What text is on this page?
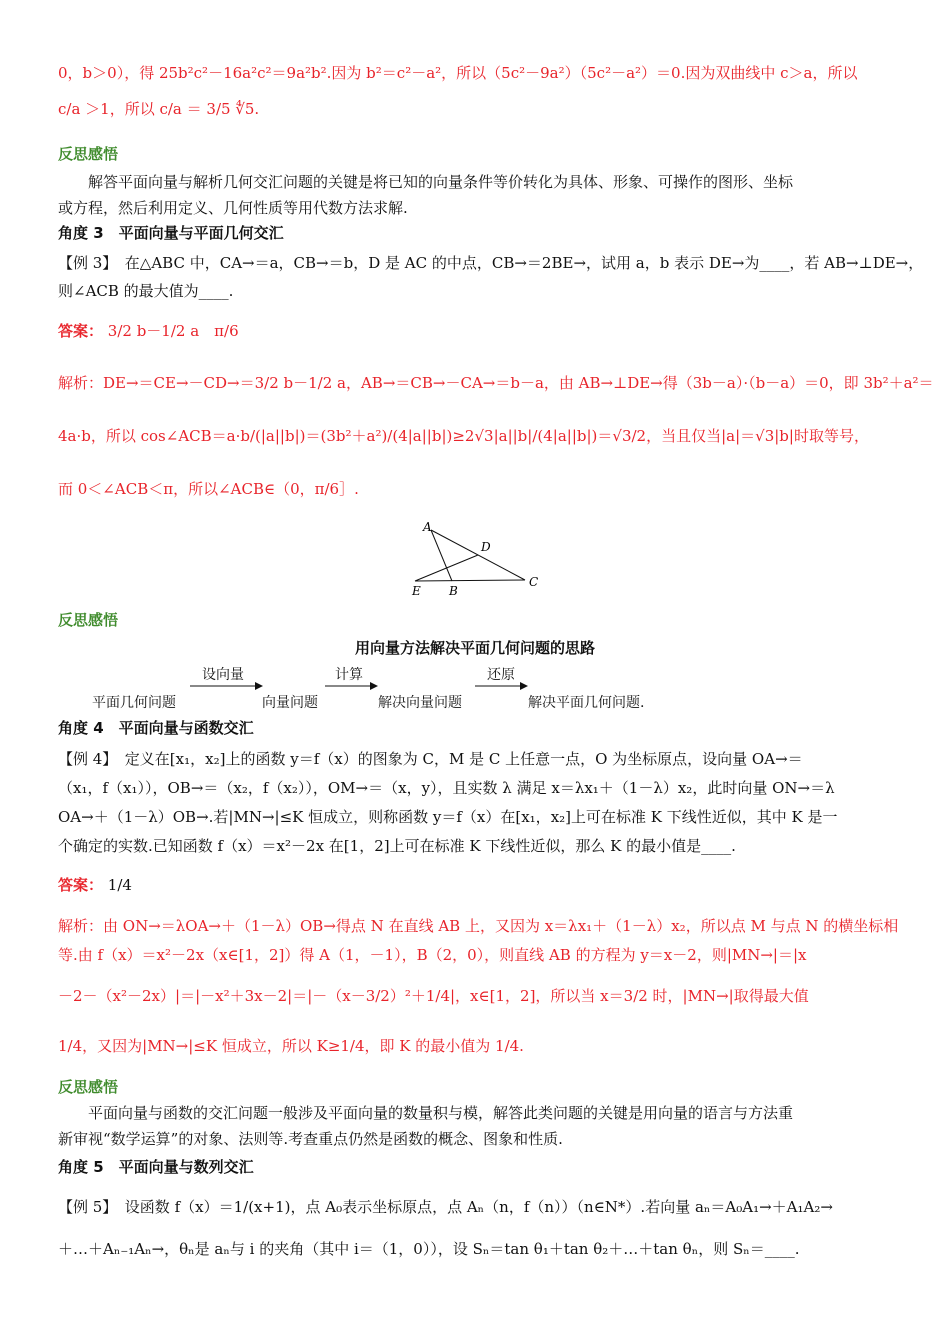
0，b＞0），得 25b²c²－16a²c²＝9a²b².因为 b²＝c²－a²，所以（5c²－9a²）（5c²－a²）＝0.因为双曲线中 c＞a，所以
c/a ＞1，所以 c/a ＝ 3/5 ∜5.
反思感悟
解答平面向量与解析几何交汇问题的关键是将已知的向量条件等价转化为具体、形象、可操作的图形、坐标
或方程，然后利用定义、几何性质等用代数方法求解.
角度 3　平面向量与平面几何交汇
【例 3】　在△ABC 中，CA→＝a，CB→＝b，D 是 AC 的中点，CB→＝2BE→，试用 a，b 表示 DE→为____，若 AB→⊥DE→，
则∠ACB 的最大值为____.
答案： 3/2 b－1/2 a　π/6
解析：DE→＝CE→－CD→＝3/2 b－1/2 a，AB→＝CB→－CA→＝b－a，由 AB→⊥DE→得（3b－a）·（b－a）＝0，即 3b²＋a²＝
4a·b，所以 cos∠ACB＝a·b/(|a||b|)＝(3b²＋a²)/(4|a||b|)≥2√3|a||b|/(4|a||b|)＝√3/2，当且仅当|a|＝√3|b|时取等号，
而 0＜∠ACB＜π，所以∠ACB∈（0，π/6］.
A
D
E B
C
反思感悟
用向量方法解决平面几何问题的思路
平面几何问题
设向量
向量问题
计算
解决向量问题
还原
解决平面几何问题.
角度 4　平面向量与函数交汇
【例 4】　定义在[x₁，x₂]上的函数 y＝f（x）的图象为 C，M 是 C 上任意一点，O 为坐标原点，设向量 OA→＝
（x₁，f（x₁）），OB→＝（x₂，f（x₂）），OM→＝（x，y），且实数 λ 满足 x＝λx₁＋（1－λ）x₂，此时向量 ON→＝λ
OA→＋（1－λ）OB→.若|MN→|≤K 恒成立，则称函数 y＝f（x）在[x₁，x₂]上可在标准 K 下线性近似，其中 K 是一
个确定的实数.已知函数 f（x）＝x²－2x 在[1，2]上可在标准 K 下线性近似，那么 K 的最小值是____.
答案： 1/4
解析：由 ON→＝λOA→＋（1－λ）OB→得点 N 在直线 AB 上，又因为 x＝λx₁＋（1－λ）x₂，所以点 M 与点 N 的横坐标相
等.由 f（x）＝x²－2x（x∈[1，2]）得 A（1，－1），B（2，0），则直线 AB 的方程为 y＝x－2，则|MN→|＝|x
－2－（x²－2x）|＝|－x²＋3x－2|＝|－（x－3/2）²＋1/4|，x∈[1，2]，所以当 x＝3/2 时，|MN→|取得最大值
1/4，又因为|MN→|≤K 恒成立，所以 K≥1/4，即 K 的最小值为 1/4.
反思感悟
平面向量与函数的交汇问题一般涉及平面向量的数量积与模，解答此类问题的关键是用向量的语言与方法重
新审视“数学运算”的对象、法则等.考查重点仍然是函数的概念、图象和性质.
角度 5　平面向量与数列交汇
【例 5】　设函数 f（x）＝1/(x+1)，点 A₀表示坐标原点，点 Aₙ（n，f（n））（n∈N*）.若向量 aₙ＝A₀A₁→＋A₁A₂→
＋…＋Aₙ₋₁Aₙ→，θₙ是 aₙ与 i 的夹角（其中 i＝（1，0）），设 Sₙ＝tan θ₁＋tan θ₂＋…＋tan θₙ，则 Sₙ＝____.
